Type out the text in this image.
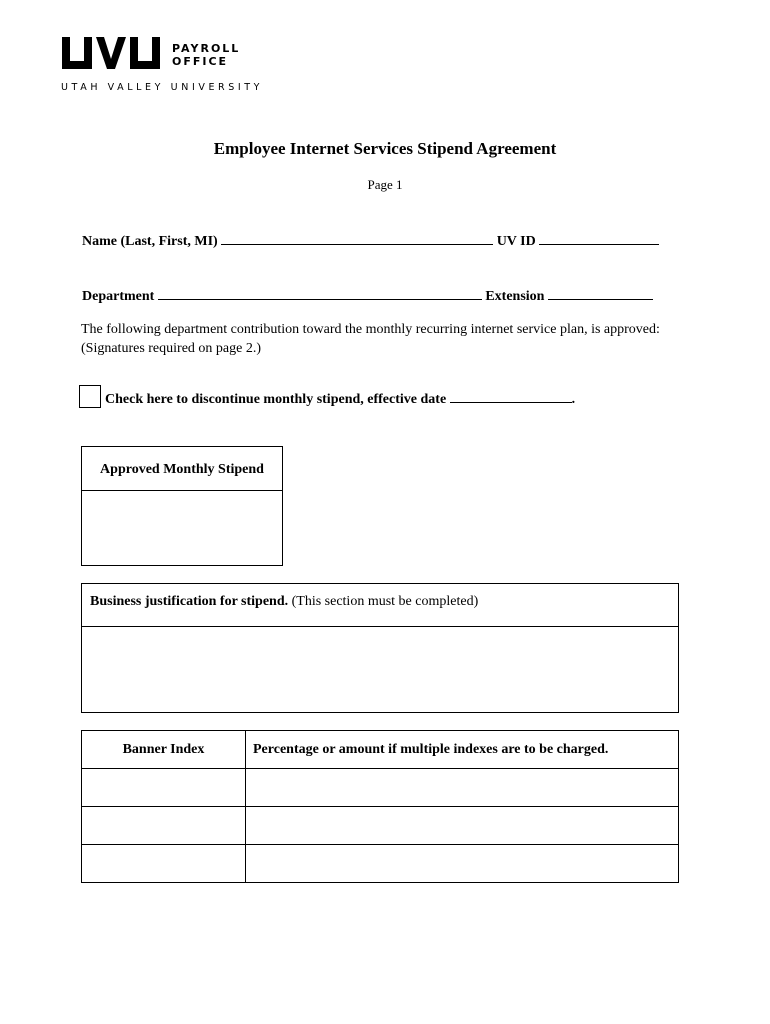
PAYROLL
OFFICE
UTAH VALLEY UNIVERSITY
Employee Internet Services Stipend Agreement
Page 1
Name (Last, First, MI)	UV ID
Department	Extension
The following department contribution toward the monthly recurring internet service plan, is approved: (Signatures required on page 2.)
Check here to discontinue monthly stipend, effective date	.
Approved Monthly Stipend
Business justification for stipend. (This section must be completed)
Banner Index	Percentage or amount if multiple indexes are to be charged.
